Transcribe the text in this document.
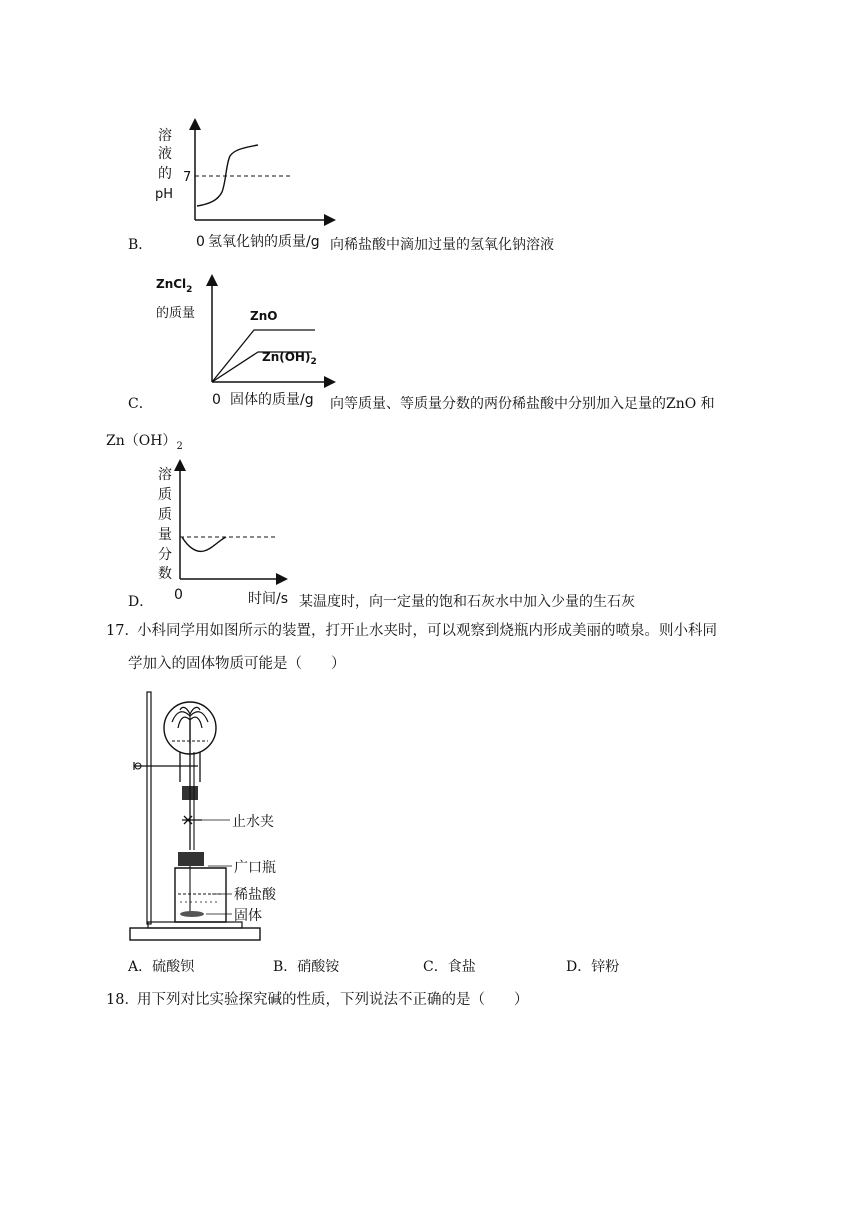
B．
溶
液
的
pH
7
0 氢氧化钠的质量/g 向稀盐酸中滴加过量的氢氧化钠溶液
C．
ZnCl$_2$
的质量	ZnO
$Zn(OH)_2$
0 固体的质量/g 向等质量、等质量分数的两份稀盐酸中分别加入足量的ZnO 和
$Zn(OH)_2$
D．
溶
质
质
量
分
数
0	时间/s 某温度时，向一定量的饱和石灰水中加入少量的生石灰
17．
小科同学用如图所示的装置，打开止水夹时，可以观察到烧瓶内形成美丽的喷泉。则小科同
学加入的固体物质可能是（　　）
止水夹
广口瓶
稀盐酸
固体
A．硫酸钡	B．硝酸铵	C．食盐	D．锌粉
18．
用下列对比实验探究碱的性质，下列说法不正确的是（　　）
